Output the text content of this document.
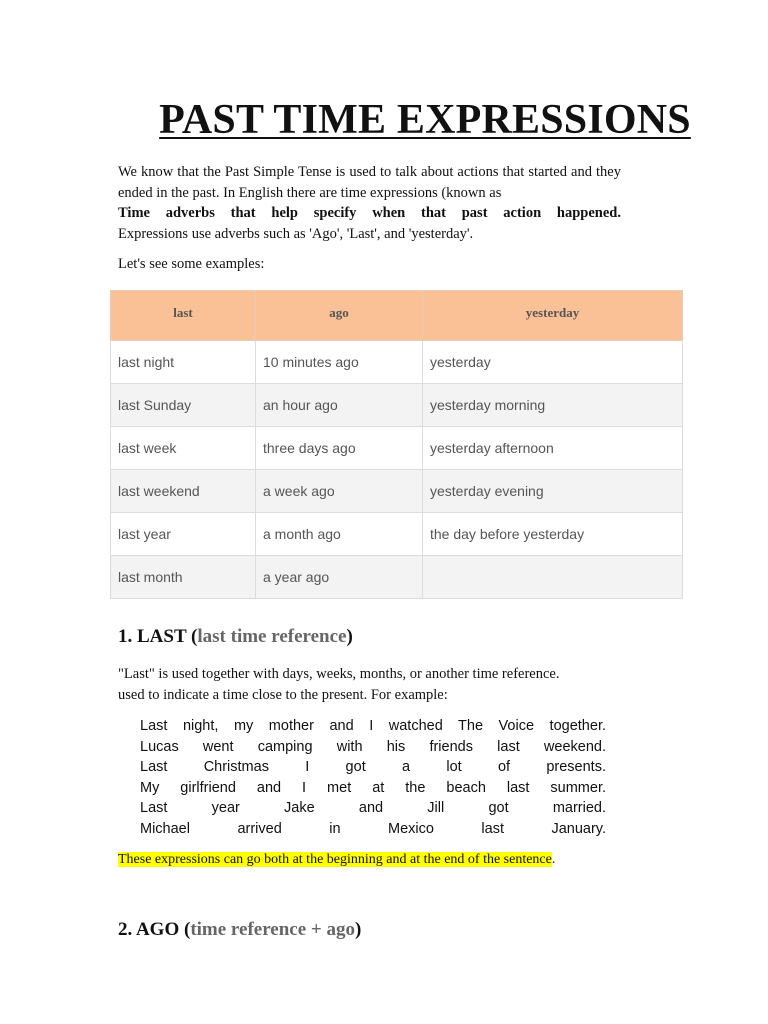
PAST TIME EXPRESSIONS

We know that the Past Simple Tense is used to talk about actions that started and they ended in the past. In English there are time expressions (known as

Time adverbs that help specify when that past action happened.

Expressions use adverbs such as 'Ago', 'Last', and 'yesterday'.

Let's see some examples:
last	ago	yesterday
last night	10 minutes ago	yesterday
last Sunday	an hour ago	yesterday morning
last week	three days ago	yesterday afternoon
last weekend	a week ago	yesterday evening
last year	a month ago	the day before yesterday
last month	a year ago	
1. LAST (last time reference)

"Last" is used together with days, weeks, months, or another time reference.

used to indicate a time close to the present. For example:

Last night, my mother and I watched The Voice together.
Lucas went camping with his friends last weekend.
Last Christmas I got a lot of presents.
My girlfriend and I met at the beach last summer.
Last year Jake and Jill got married.
Michael arrived in Mexico last January.
These expressions can go both at the beginning and at the end of the sentence.
2. AGO (time reference + ago)
